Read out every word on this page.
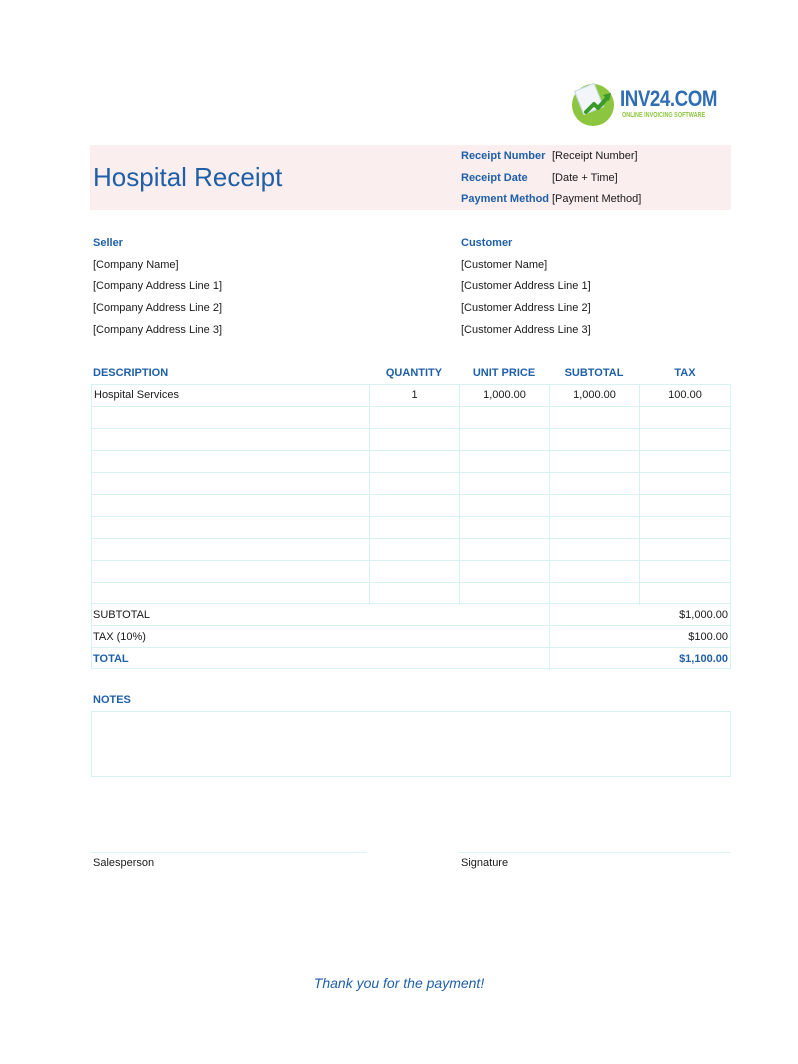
INV24.COM
ONLINE INVOICING SOFTWARE
Hospital Receipt
Receipt Number [Receipt Number]
Receipt Date [Date + Time]
Payment Method [Payment Method]
Seller
[Company Name]
[Company Address Line 1]
[Company Address Line 2]
[Company Address Line 3]
Customer
[Customer Name]
[Customer Address Line 1]
[Customer Address Line 2]
[Customer Address Line 3]
DESCRIPTION	QUANTITY	UNIT PRICE	SUBTOTAL	TAX
Hospital Services	1	1,000.00	1,000.00	100.00
SUBTOTAL	$1,000.00
TAX (10%)	$100.00
TOTAL	$1,100.00
NOTES
Salesperson	Signature
Thank you for the payment!
